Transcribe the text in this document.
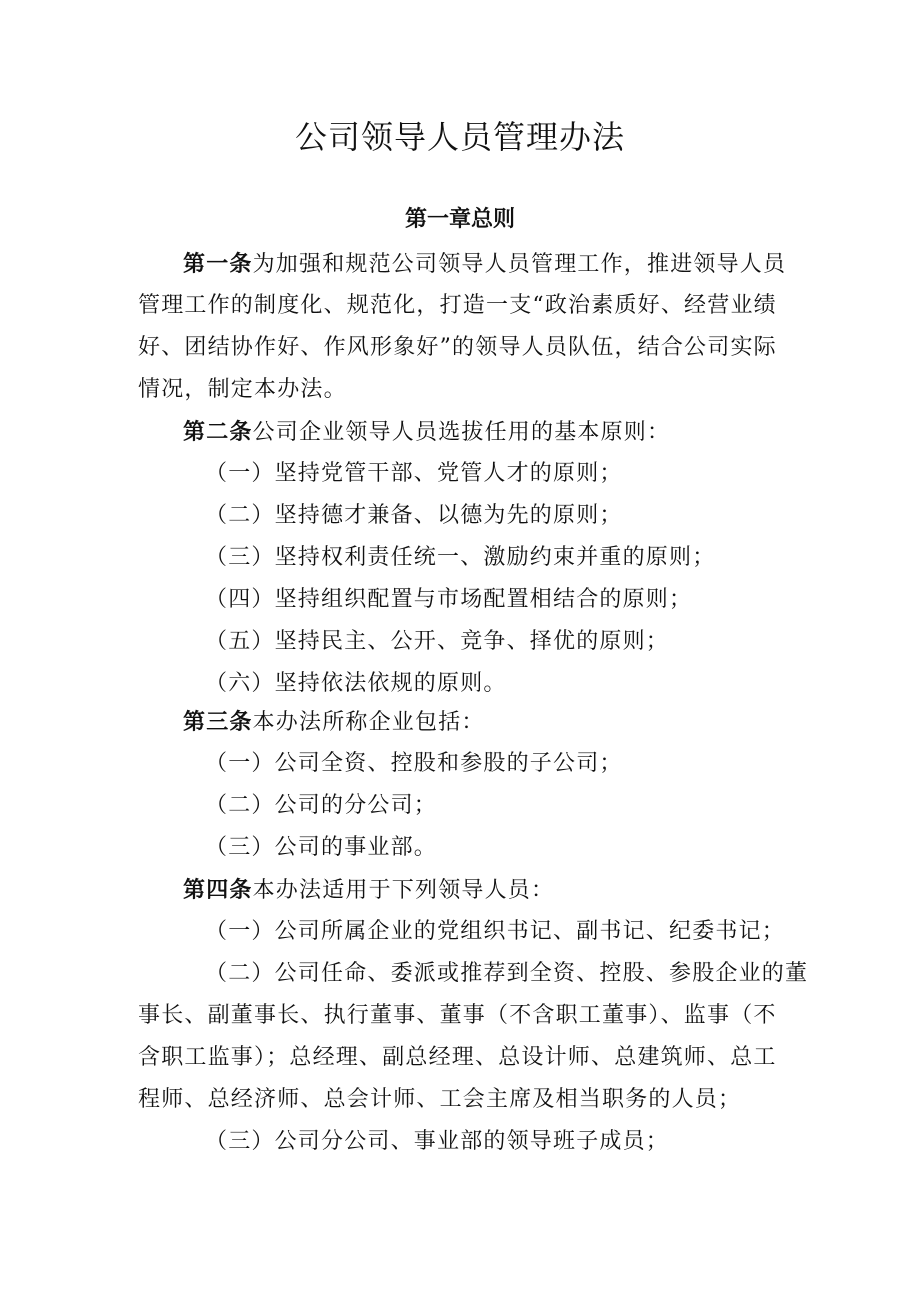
公司领导人员管理办法
第一章总则
第一条为加强和规范公司领导人员管理工作，推进领导人员
管理工作的制度化、规范化，打造一支“政治素质好、经营业绩
好、团结协作好、作风形象好”的领导人员队伍，结合公司实际
情况，制定本办法。
第二条公司企业领导人员选拔任用的基本原则：
（一）坚持党管干部、党管人才的原则；
（二）坚持德才兼备、以德为先的原则；
（三）坚持权利责任统一、激励约束并重的原则；
（四）坚持组织配置与市场配置相结合的原则；
（五）坚持民主、公开、竞争、择优的原则；
（六）坚持依法依规的原则。
第三条本办法所称企业包括：
（一）公司全资、控股和参股的子公司；
（二）公司的分公司；
（三）公司的事业部。
第四条本办法适用于下列领导人员：
（一）公司所属企业的党组织书记、副书记、纪委书记；
（二）公司任命、委派或推荐到全资、控股、参股企业的董
事长、副董事长、执行董事、董事（不含职工董事）、监事（不
含职工监事）；总经理、副总经理、总设计师、总建筑师、总工
程师、总经济师、总会计师、工会主席及相当职务的人员；
（三）公司分公司、事业部的领导班子成员；
